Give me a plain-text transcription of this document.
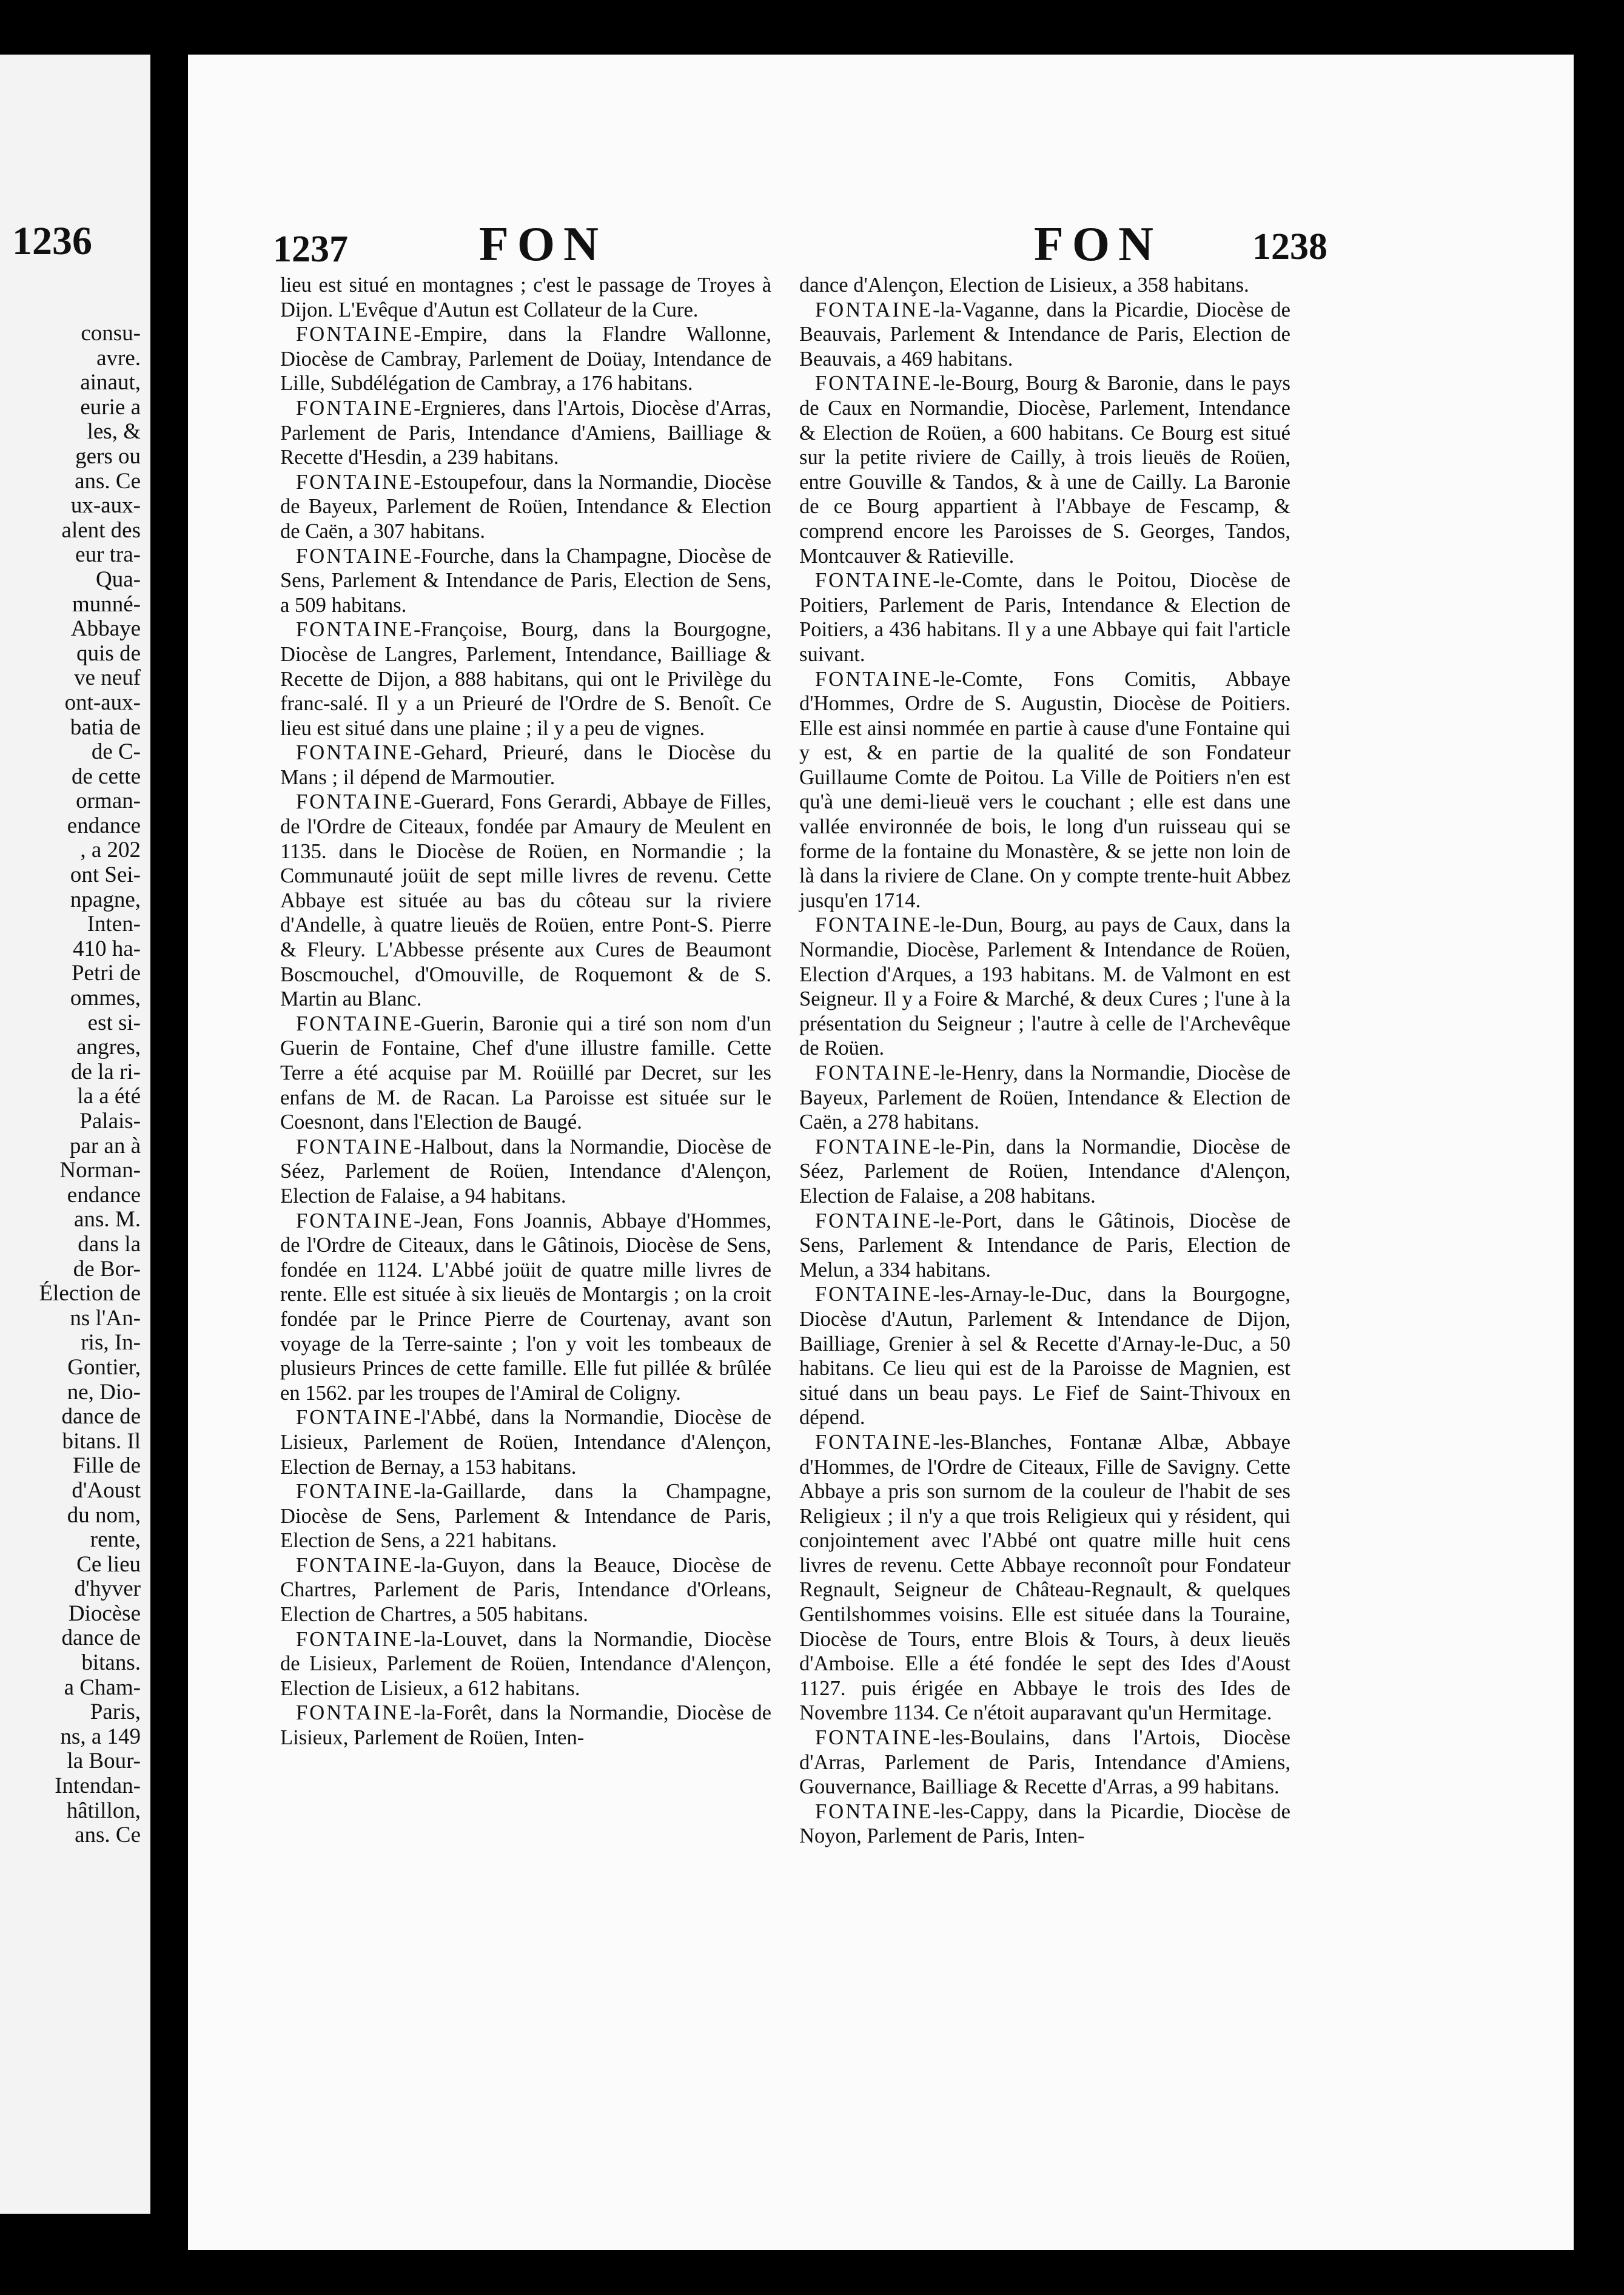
1236
consu-
avre.
ainaut,
eurie a
les, &
gers ou
ans. Ce
ux-aux-
alent des
eur tra-
Qua-
munné-
Abbaye
quis de
ve neuf
ont-aux-
batia de
de C-
de cette
orman-
endance
, a 202
ont Sei-
npagne,
Inten-
410 ha-
Petri de
ommes,
est si-
angres,
de la ri-
la a été
Palais-
par an à
Norman-
endance
ans. M.
dans la
de Bor-
Élection de
ns l'An-
ris, In-
Gontier,
ne, Dio-
dance de
bitans. Il
Fille de
d'Aoust
du nom,
rente,
Ce lieu
d'hyver
Diocèse
dance de
bitans.
a Cham-
Paris,
ns, a 149
la Bour-
Intendan-
hâtillon,
ans. Ce
1237	FON	FON 1238

lieu est situé en montagnes ; c'est le passage de Troyes à Dijon. L'Evêque d'Autun est Collateur de la Cure.

FONTAINE-Empire, dans la Flandre Wallonne, Diocèse de Cambray, Parlement de Doüay, Intendance de Lille, Subdélégation de Cambray, a 176 habitans.

FONTAINE-Ergnieres, dans l'Artois, Diocèse d'Arras, Parlement de Paris, Intendance d'Amiens, Bailliage & Recette d'Hesdin, a 239 habitans.

FONTAINE-Estoupefour, dans la Normandie, Diocèse de Bayeux, Parlement de Roüen, Intendance & Election de Caën, a 307 habitans.

FONTAINE-Fourche, dans la Champagne, Diocèse de Sens, Parlement & Intendance de Paris, Election de Sens, a 509 habitans.

FONTAINE-Françoise, Bourg, dans la Bourgogne, Diocèse de Langres, Parlement, Intendance, Bailliage & Recette de Dijon, a 888 habitans, qui ont le Privilège du franc-salé. Il y a un Prieuré de l'Ordre de S. Benoît. Ce lieu est situé dans une plaine ; il y a peu de vignes.

FONTAINE-Gehard, Prieuré, dans le Diocèse du Mans ; il dépend de Marmoutier.

FONTAINE-Guerard, Fons Gerardi, Abbaye de Filles, de l'Ordre de Citeaux, fondée par Amaury de Meulent en 1135. dans le Diocèse de Roüen, en Normandie ; la Communauté joüit de sept mille livres de revenu. Cette Abbaye est située au bas du côteau sur la riviere d'Andelle, à quatre lieuës de Roüen, entre Pont-S. Pierre & Fleury. L'Abbesse présente aux Cures de Beaumont Boscmouchel, d'Omouville, de Roquemont & de S. Martin au Blanc.

FONTAINE-Guerin, Baronie qui a tiré son nom d'un Guerin de Fontaine, Chef d'une illustre famille. Cette Terre a été acquise par M. Roüillé par Decret, sur les enfans de M. de Racan. La Paroisse est située sur le Coesnont, dans l'Election de Baugé.

FONTAINE-Halbout, dans la Normandie, Diocèse de Séez, Parlement de Roüen, Intendance d'Alençon, Election de Falaise, a 94 habitans.

FONTAINE-Jean, Fons Joannis, Abbaye d'Hommes, de l'Ordre de Citeaux, dans le Gâtinois, Diocèse de Sens, fondée en 1124. L'Abbé joüit de quatre mille livres de rente. Elle est située à six lieuës de Montargis ; on la croit fondée par le Prince Pierre de Courtenay, avant son voyage de la Terre-sainte ; l'on y voit les tombeaux de plusieurs Princes de cette famille. Elle fut pillée & brûlée en 1562. par les troupes de l'Amiral de Coligny.

FONTAINE-l'Abbé, dans la Normandie, Diocèse de Lisieux, Parlement de Roüen, Intendance d'Alençon, Election de Bernay, a 153 habitans.

FONTAINE-la-Gaillarde, dans la Champagne, Diocèse de Sens, Parlement & Intendance de Paris, Election de Sens, a 221 habitans.

FONTAINE-la-Guyon, dans la Beauce, Diocèse de Chartres, Parlement de Paris, Intendance d'Orleans, Election de Chartres, a 505 habitans.

FONTAINE-la-Louvet, dans la Normandie, Diocèse de Lisieux, Parlement de Roüen, Intendance d'Alençon, Election de Lisieux, a 612 habitans.

FONTAINE-la-Forêt, dans la Normandie, Diocèse de Lisieux, Parlement de Roüen, Inten-

dance d'Alençon, Election de Lisieux, a 358 habitans.

FONTAINE-la-Vaganne, dans la Picardie, Diocèse de Beauvais, Parlement & Intendance de Paris, Election de Beauvais, a 469 habitans.

FONTAINE-le-Bourg, Bourg & Baronie, dans le pays de Caux en Normandie, Diocèse, Parlement, Intendance & Election de Roüen, a 600 habitans. Ce Bourg est situé sur la petite riviere de Cailly, à trois lieuës de Roüen, entre Gouville & Tandos, & à une de Cailly. La Baronie de ce Bourg appartient à l'Abbaye de Fescamp, & comprend encore les Paroisses de S. Georges, Tandos, Montcauver & Ratieville.

FONTAINE-le-Comte, dans le Poitou, Diocèse de Poitiers, Parlement de Paris, Intendance & Election de Poitiers, a 436 habitans. Il y a une Abbaye qui fait l'article suivant.

FONTAINE-le-Comte, Fons Comitis, Abbaye d'Hommes, Ordre de S. Augustin, Diocèse de Poitiers. Elle est ainsi nommée en partie à cause d'une Fontaine qui y est, & en partie de la qualité de son Fondateur Guillaume Comte de Poitou. La Ville de Poitiers n'en est qu'à une demi-lieuë vers le couchant ; elle est dans une vallée environnée de bois, le long d'un ruisseau qui se forme de la fontaine du Monastère, & se jette non loin de là dans la riviere de Clane. On y compte trente-huit Abbez jusqu'en 1714.

FONTAINE-le-Dun, Bourg, au pays de Caux, dans la Normandie, Diocèse, Parlement & Intendance de Roüen, Election d'Arques, a 193 habitans. M. de Valmont en est Seigneur. Il y a Foire & Marché, & deux Cures ; l'une à la présentation du Seigneur ; l'autre à celle de l'Archevêque de Roüen.

FONTAINE-le-Henry, dans la Normandie, Diocèse de Bayeux, Parlement de Roüen, Intendance & Election de Caën, a 278 habitans.

FONTAINE-le-Pin, dans la Normandie, Diocèse de Séez, Parlement de Roüen, Intendance d'Alençon, Election de Falaise, a 208 habitans.

FONTAINE-le-Port, dans le Gâtinois, Diocèse de Sens, Parlement & Intendance de Paris, Election de Melun, a 334 habitans.

FONTAINE-les-Arnay-le-Duc, dans la Bourgogne, Diocèse d'Autun, Parlement & Intendance de Dijon, Bailliage, Grenier à sel & Recette d'Arnay-le-Duc, a 50 habitans. Ce lieu qui est de la Paroisse de Magnien, est situé dans un beau pays. Le Fief de Saint-Thivoux en dépend.

FONTAINE-les-Blanches, Fontanæ Albæ, Abbaye d'Hommes, de l'Ordre de Citeaux, Fille de Savigny. Cette Abbaye a pris son surnom de la couleur de l'habit de ses Religieux ; il n'y a que trois Religieux qui y résident, qui conjointement avec l'Abbé ont quatre mille huit cens livres de revenu. Cette Abbaye reconnoît pour Fondateur Regnault, Seigneur de Château-Regnault, & quelques Gentilshommes voisins. Elle est située dans la Touraine, Diocèse de Tours, entre Blois & Tours, à deux lieuës d'Amboise. Elle a été fondée le sept des Ides d'Aoust 1127. puis érigée en Abbaye le trois des Ides de Novembre 1134. Ce n'étoit auparavant qu'un Hermitage.

FONTAINE-les-Boulains, dans l'Artois, Diocèse d'Arras, Parlement de Paris, Intendance d'Amiens, Gouvernance, Bailliage & Recette d'Arras, a 99 habitans.

FONTAINE-les-Cappy, dans la Picardie, Diocèse de Noyon, Parlement de Paris, Inten-
